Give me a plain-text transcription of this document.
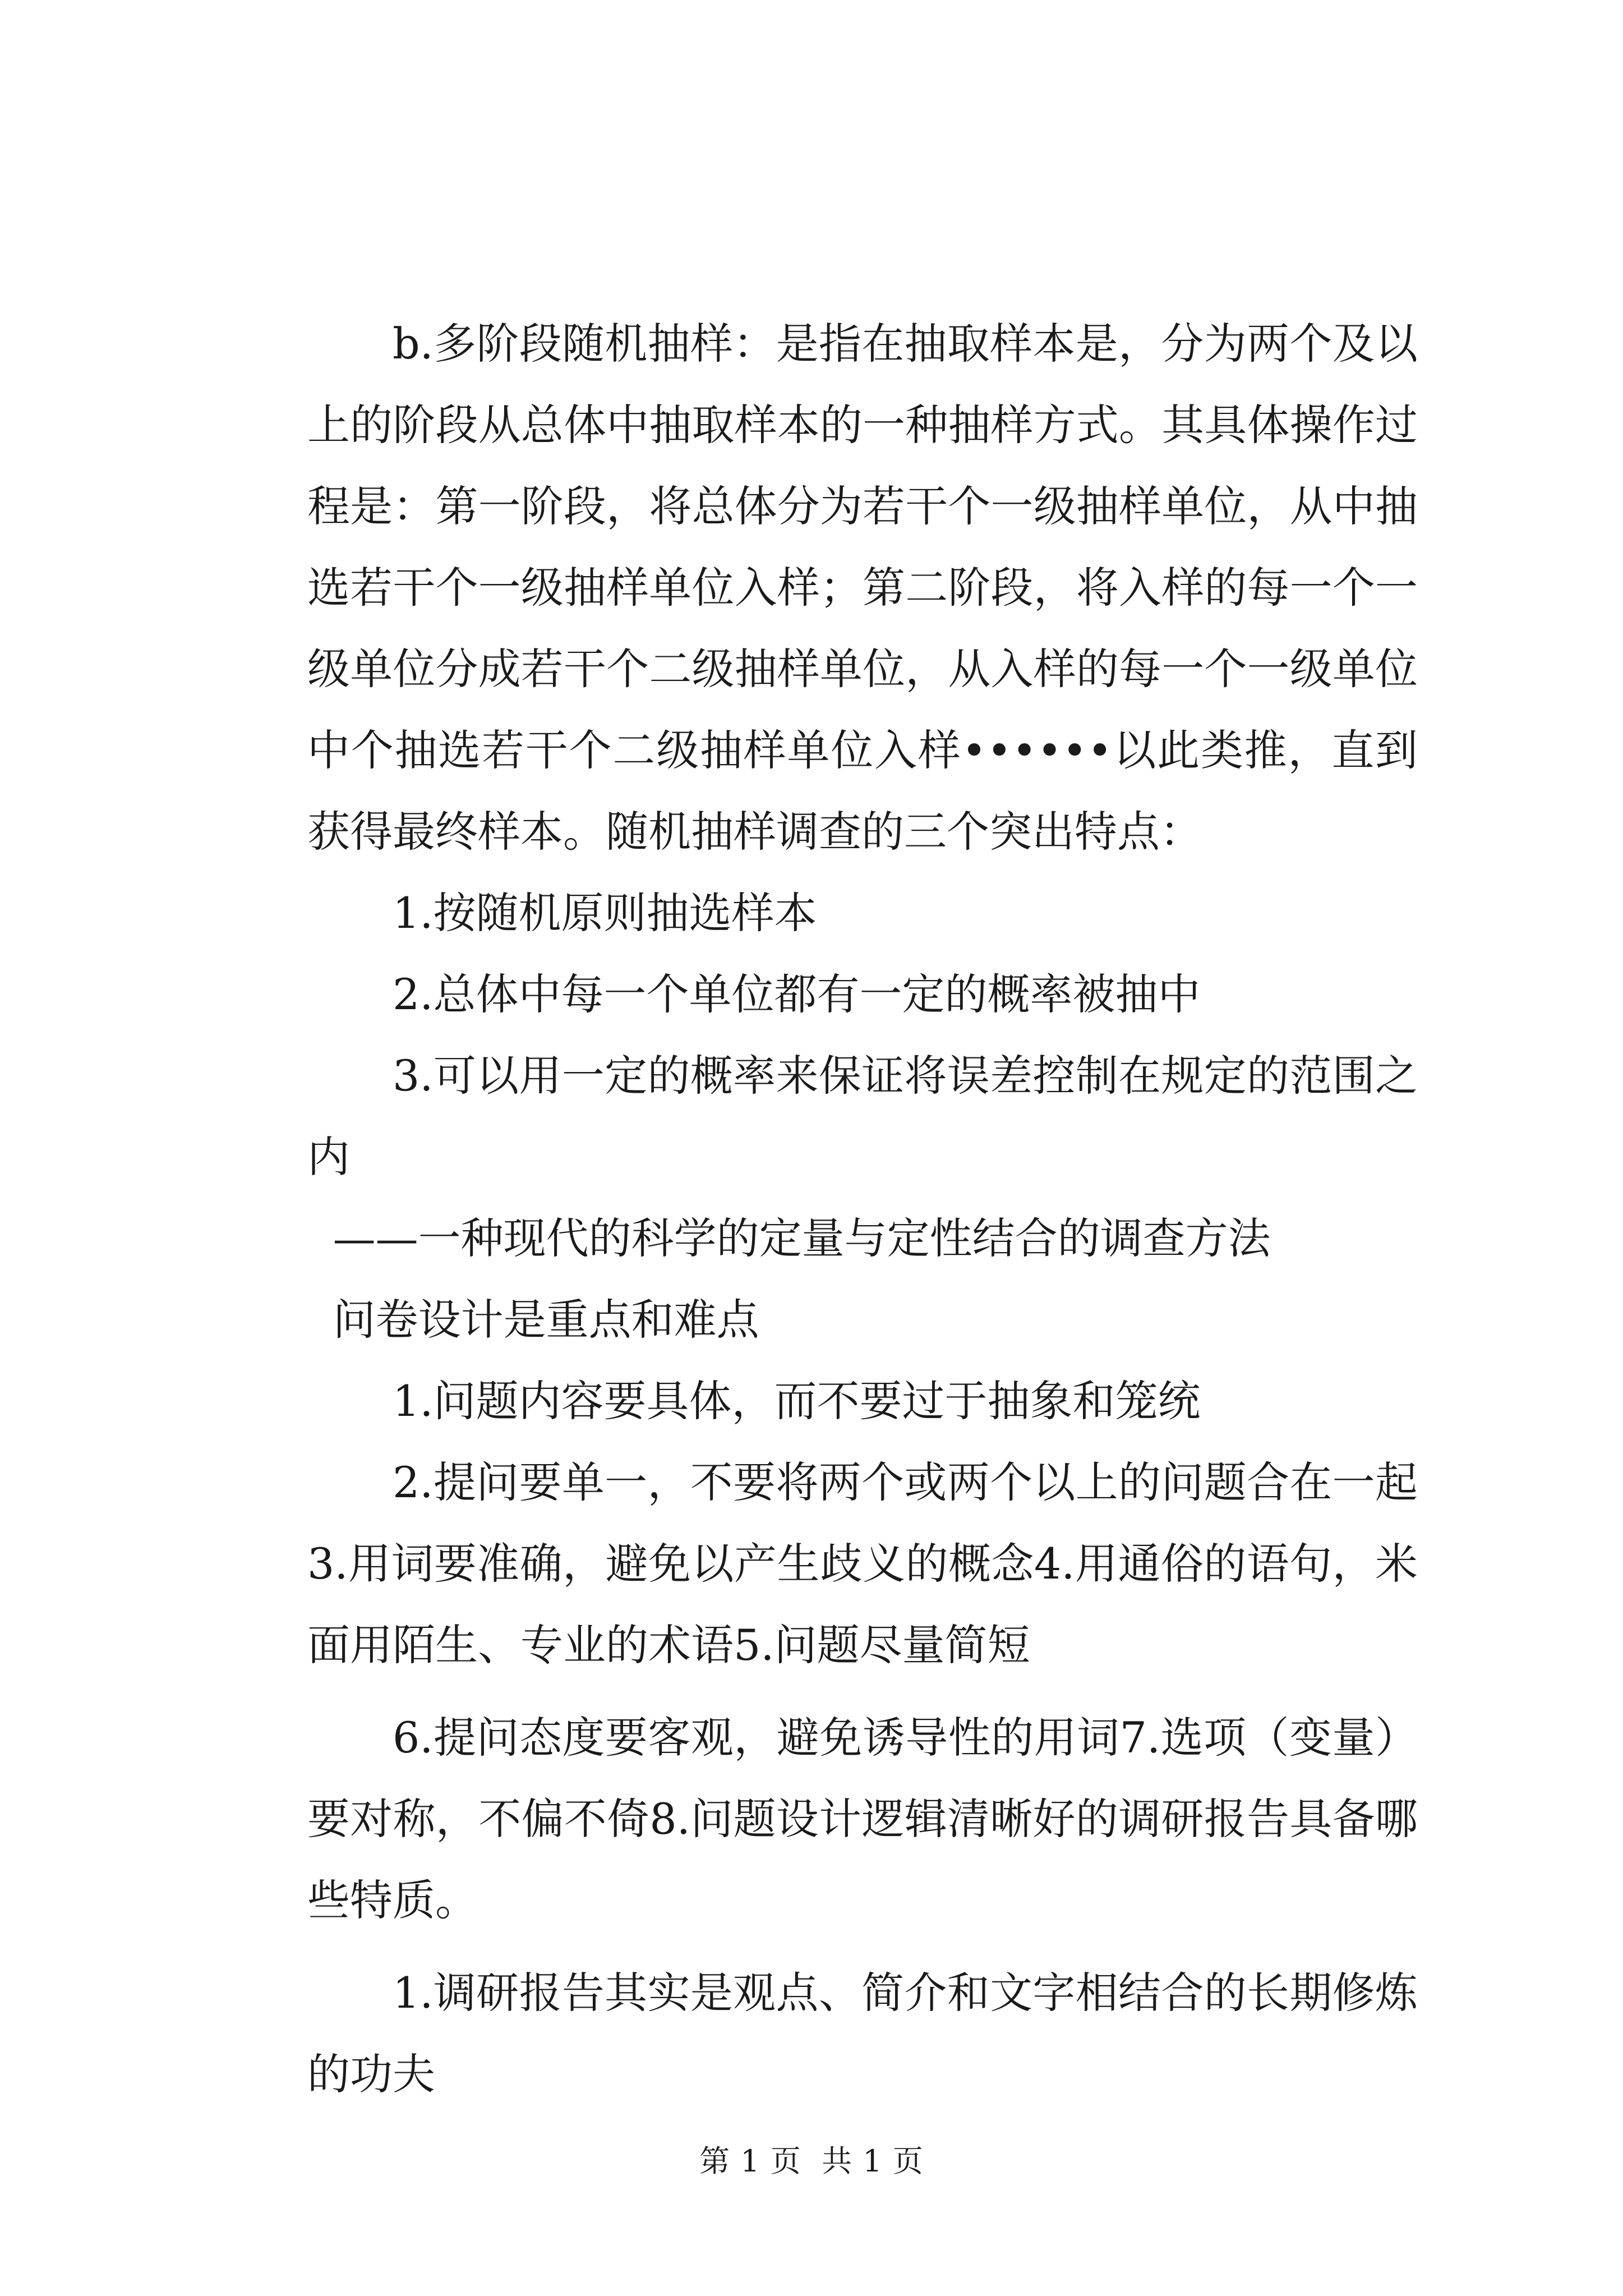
b.多阶段随机抽样：是指在抽取样本是，分为两个及以上的阶段从总体中抽取样本的一种抽样方式。其具体操作过程是：第一阶段，将总体分为若干个一级抽样单位，从中抽选若干个一级抽样单位入样；第二阶段，将入样的每一个一级单位分成若干个二级抽样单位，从入样的每一个一级单位中个抽选若干个二级抽样单位入样••••••以此类推，直到获得最终样本。随机抽样调查的三个突出特点：

1.按随机原则抽选样本

2.总体中每一个单位都有一定的概率被抽中

3.可以用一定的概率来保证将误差控制在规定的范围之内

——一种现代的科学的定量与定性结合的调查方法

问卷设计是重点和难点

1.问题内容要具体，而不要过于抽象和笼统

2.提问要单一，不要将两个或两个以上的问题合在一起3.用词要准确，避免以产生歧义的概念4.用通俗的语句，米面用陌生、专业的术语5.问题尽量简短

6.提问态度要客观，避免诱导性的用词7.选项（变量）要对称，不偏不倚8.问题设计逻辑清晰好的调研报告具备哪些特质。

1.调研报告其实是观点、简介和文字相结合的长期修炼的功夫

第 1 页  共 1 页
